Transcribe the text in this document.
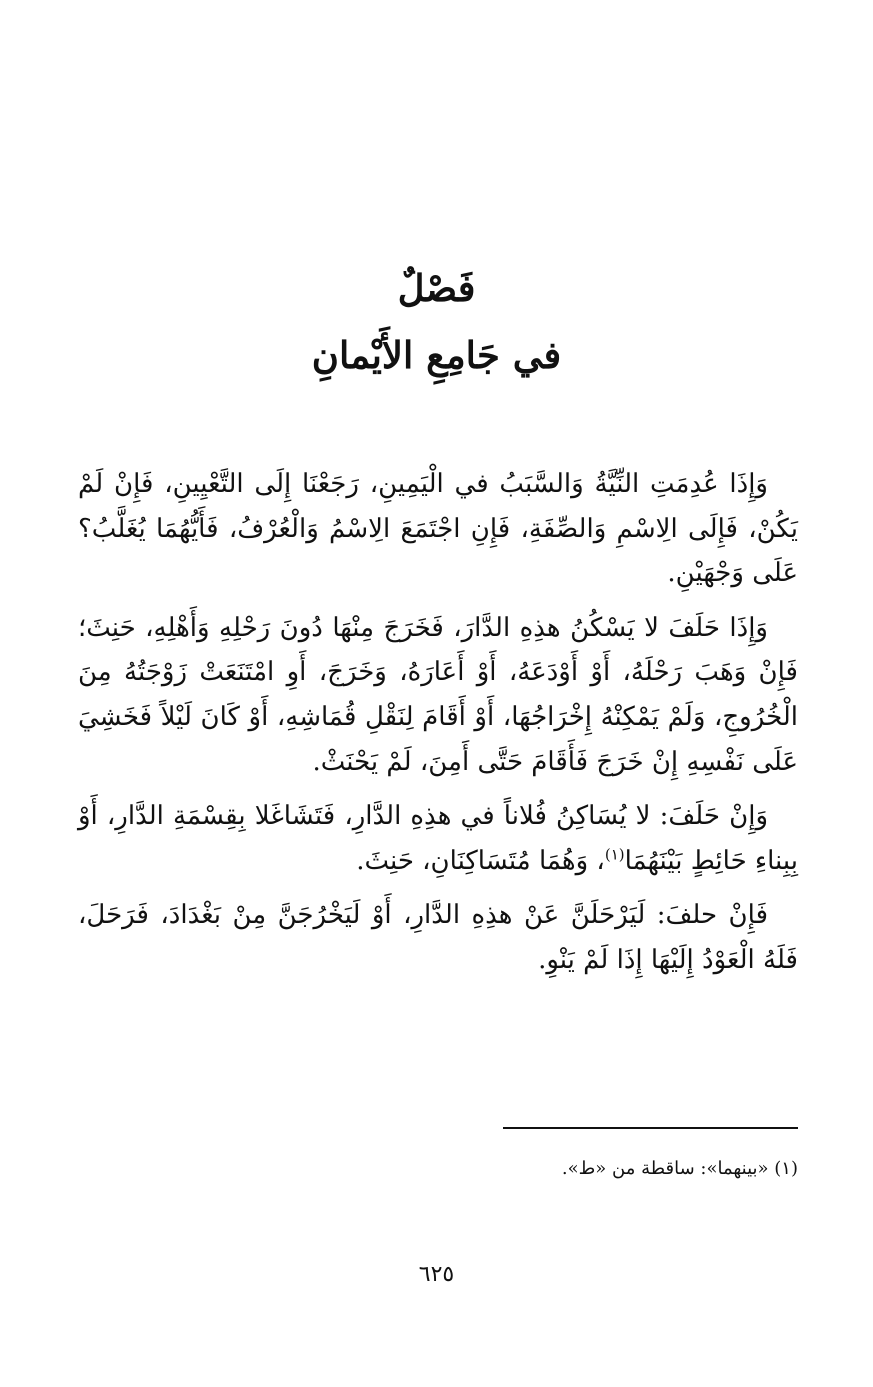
فَصْلٌ
في جَامِعِ الأَيْمانِ

وَإِذَا عُدِمَتِ النِّيَّةُ وَالسَّبَبُ في الْيَمِينِ، رَجَعْنَا إِلَى التَّعْيِينِ، فَإِنْ لَمْ يَكُنْ، فَإِلَى الِاسْمِ وَالصِّفَةِ، فَإِنِ اجْتَمَعَ الِاسْمُ وَالْعُرْفُ، فَأَيُّهُمَا يُغَلَّبُ؟ عَلَى وَجْهَيْنِ.

وَإِذَا حَلَفَ لا يَسْكُنُ هذِهِ الدَّارَ، فَخَرَجَ مِنْهَا دُونَ رَحْلِهِ وَأَهْلِهِ، حَنِثَ؛ فَإِنْ وَهَبَ رَحْلَهُ، أَوْ أَوْدَعَهُ، أَوْ أَعَارَهُ، وَخَرَجَ، أَوِ امْتَنَعَتْ زَوْجَتُهُ مِنَ الْخُرُوجِ، وَلَمْ يَمْكِنْهُ إِخْرَاجُهَا، أَوْ أَقَامَ لِنَقْلِ قُمَاشِهِ، أَوْ كَانَ لَيْلاً فَخَشِيَ عَلَى نَفْسِهِ إِنْ خَرَجَ فَأَقَامَ حَتَّى أَمِنَ، لَمْ يَحْنَثْ.

وَإِنْ حَلَفَ: لا يُسَاكِنُ فُلاناً في هذِهِ الدَّارِ، فَتَشَاغَلا بِقِسْمَةِ الدَّارِ، أَوْ بِبِناءِ حَائِطٍ بَيْنَهُمَا$^{(١)}$، وَهُمَا مُتَسَاكِنَانِ، حَنِثَ.

فَإِنْ حلفَ: لَيَرْحَلَنَّ عَنْ هذِهِ الدَّارِ، أَوْ لَيَخْرُجَنَّ مِنْ بَغْدَادَ، فَرَحَلَ، فَلَهُ الْعَوْدُ إِلَيْهَا إِذَا لَمْ يَنْوِ.

(١) «بينهما»: ساقطة من «ط».
٦٢٥
